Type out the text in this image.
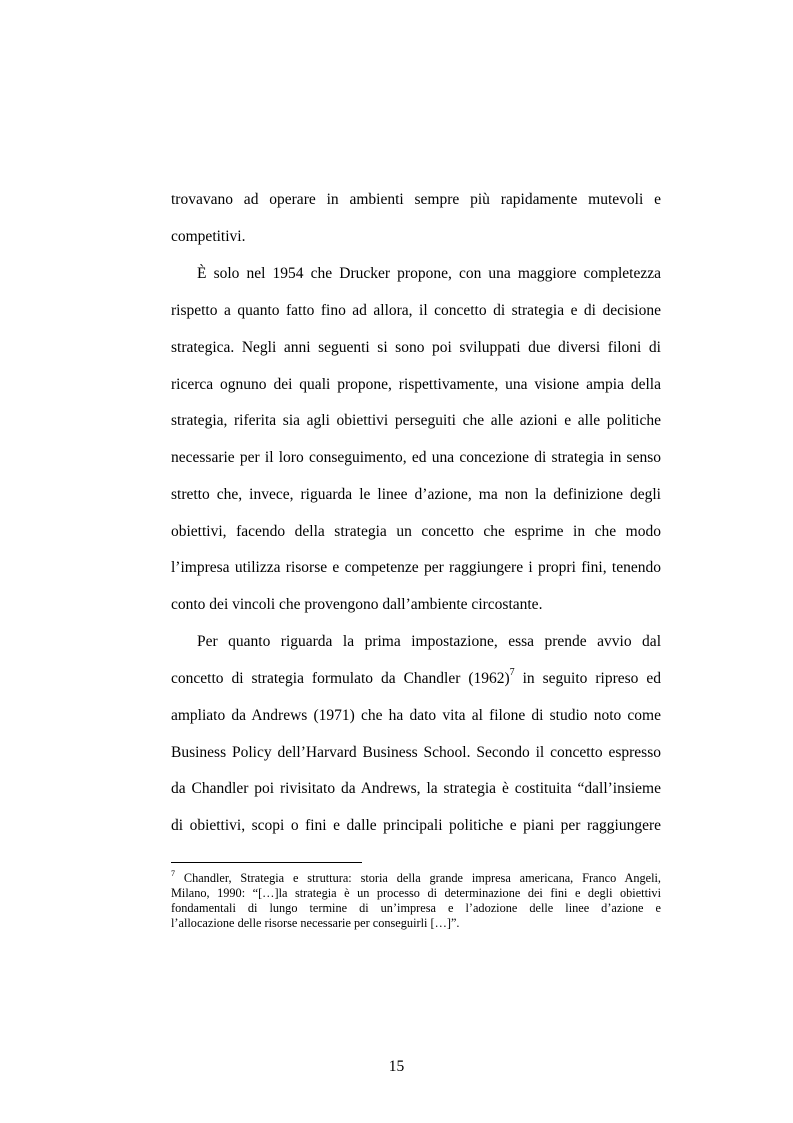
trovavano ad operare in ambienti sempre più rapidamente mutevoli e
competitivi.
È solo nel 1954 che Drucker propone, con una maggiore completezza
rispetto a quanto fatto fino ad allora, il concetto di strategia e di decisione
strategica. Negli anni seguenti si sono poi sviluppati due diversi filoni di
ricerca ognuno dei quali propone, rispettivamente, una visione ampia della
strategia, riferita sia agli obiettivi perseguiti che alle azioni e alle politiche
necessarie per il loro conseguimento, ed una concezione di strategia in senso
stretto che, invece, riguarda le linee d’azione, ma non la definizione degli
obiettivi, facendo della strategia un concetto che esprime in che modo
l’impresa utilizza risorse e competenze per raggiungere i propri fini, tenendo
conto dei vincoli che provengono dall’ambiente circostante.
Per quanto riguarda la prima impostazione, essa prende avvio dal
concetto di strategia formulato da Chandler $(1962)^7$ in seguito ripreso ed
ampliato da Andrews (1971) che ha dato vita al filone di studio noto come
Business Policy dell’Harvard Business School. Secondo il concetto espresso
da Chandler poi rivisitato da Andrews, la strategia è costituita “dall’insieme
di obiettivi, scopi o fini e dalle principali politiche e piani per raggiungere
$^7$ Chandler, Strategia e struttura: storia della grande impresa americana, Franco Angeli,
Milano, 1990: “[…]la strategia è un processo di determinazione dei fini e degli obiettivi
fondamentali di lungo termine di un’impresa e l’adozione delle linee d’azione e
l’allocazione delle risorse necessarie per conseguirli […]”.
15
